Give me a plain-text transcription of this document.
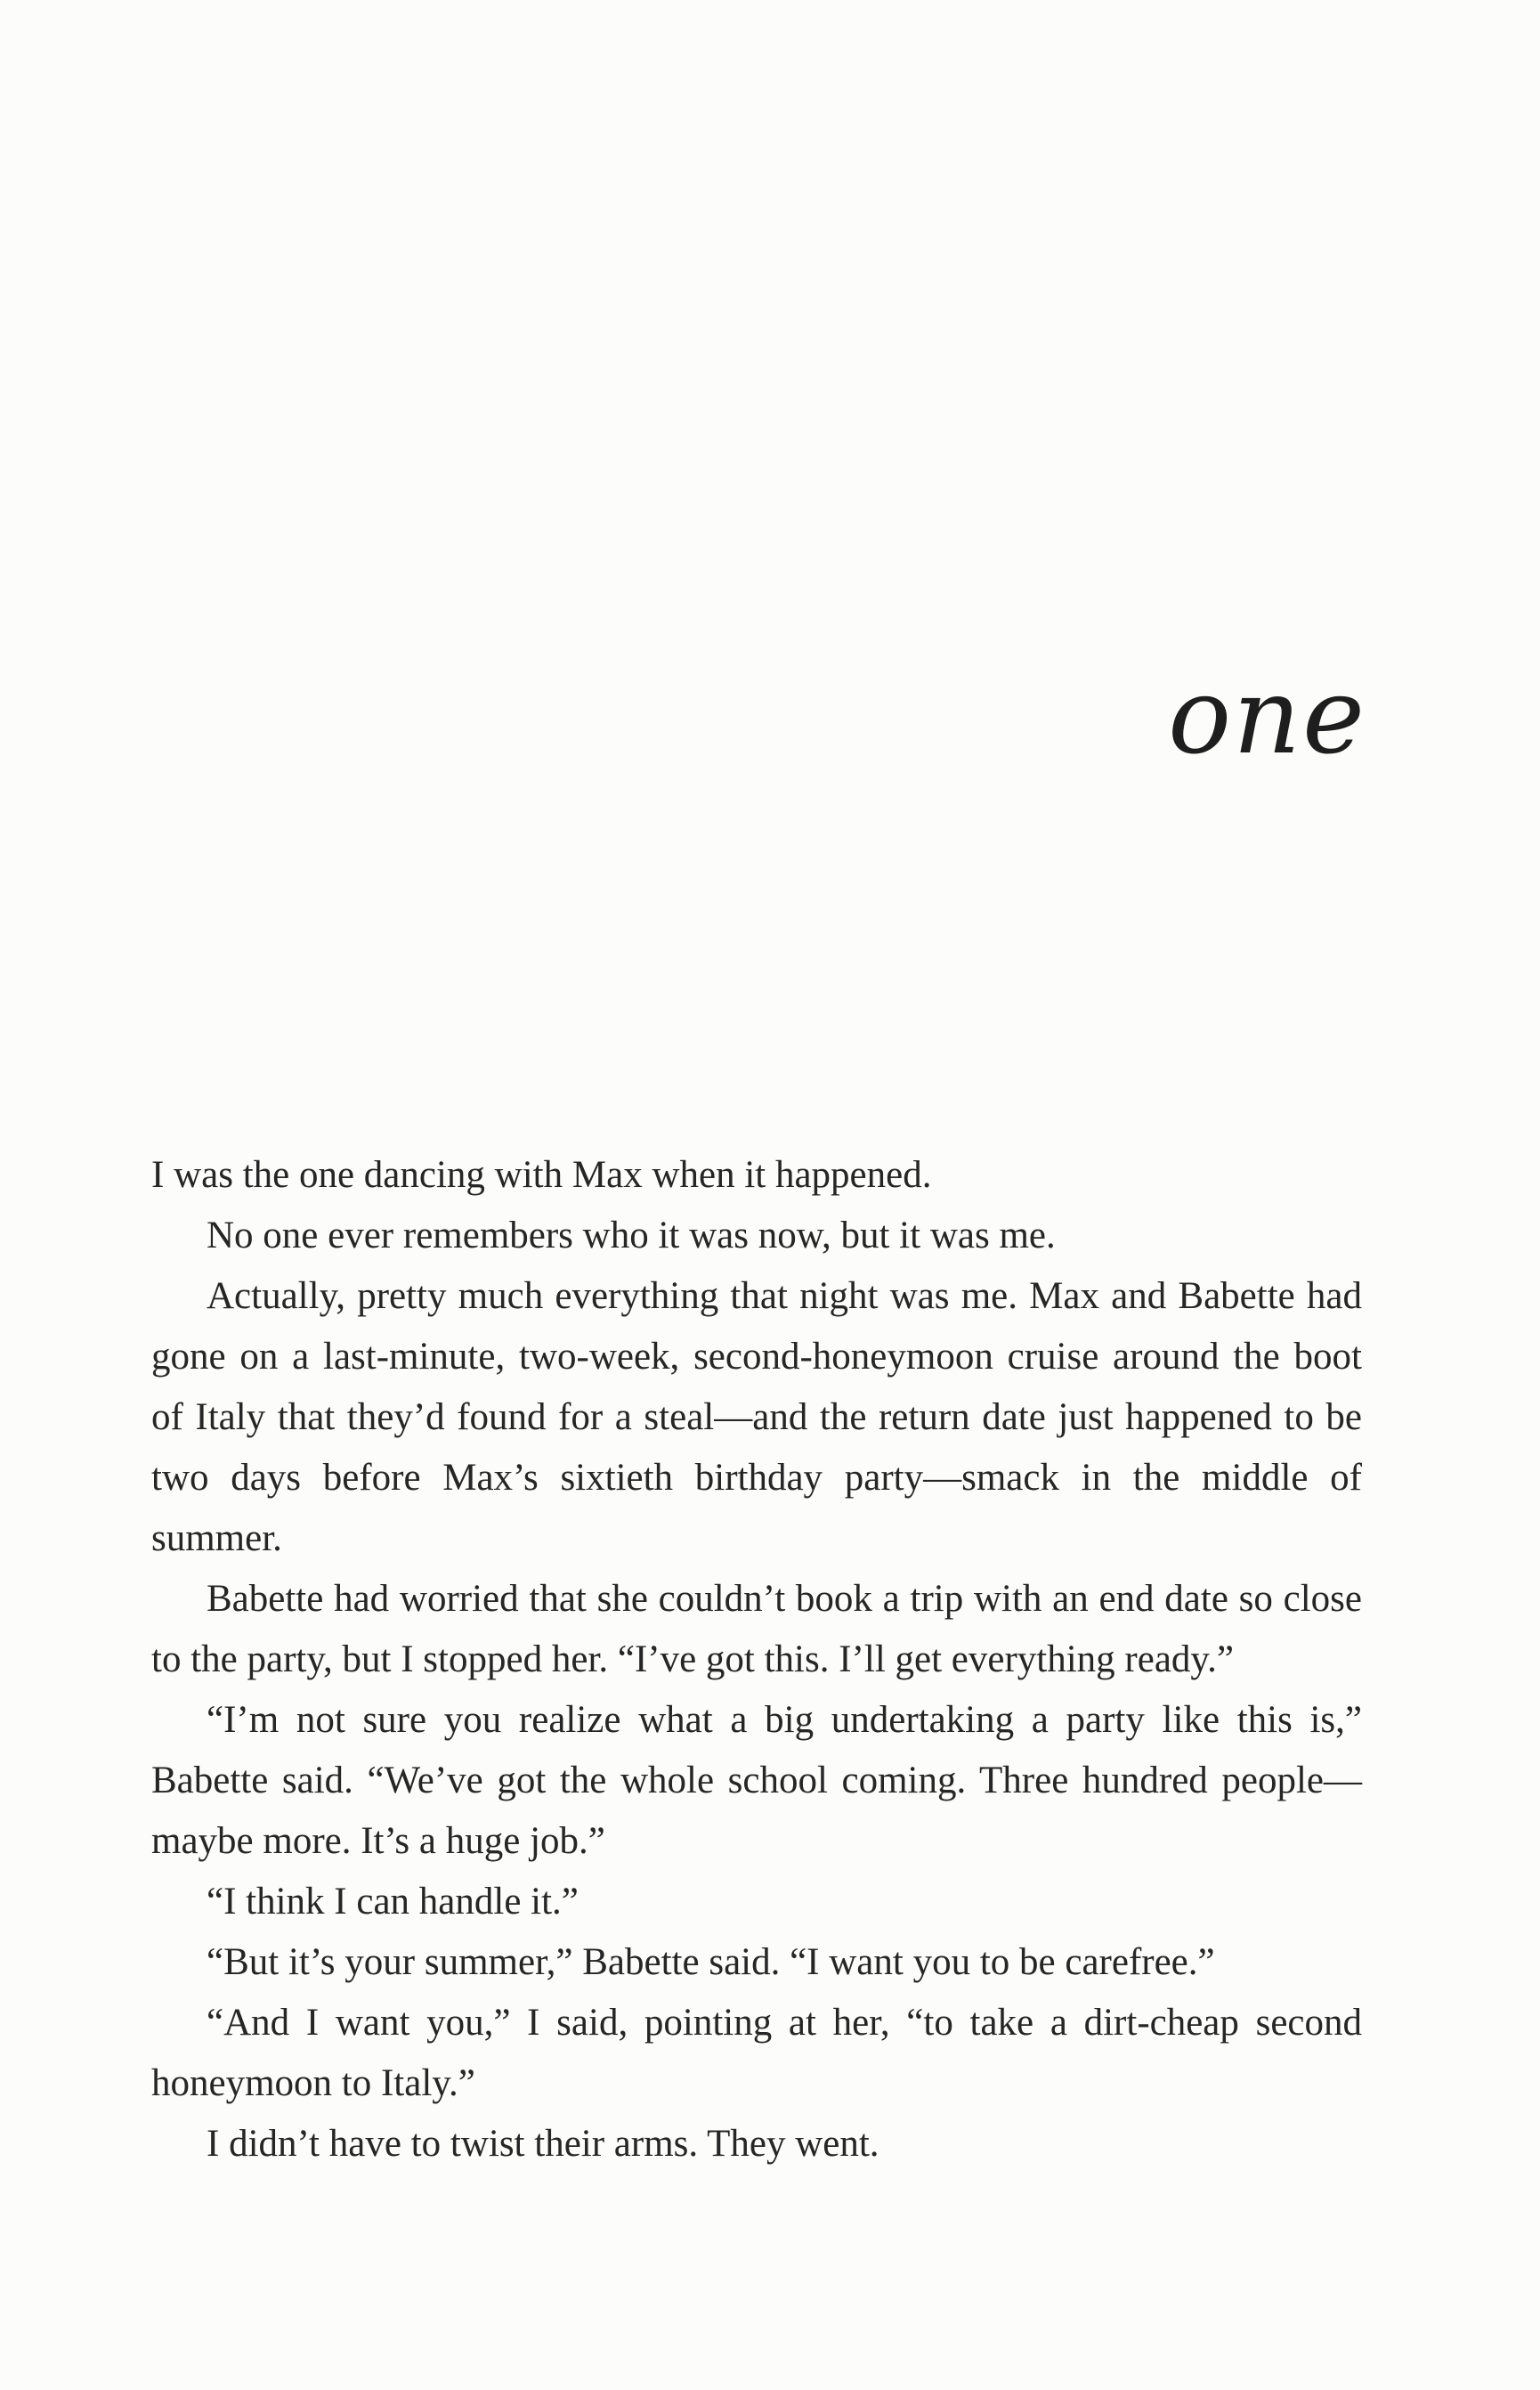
one

I was the one dancing with Max when it happened.

No one ever remembers who it was now, but it was me.

Actually, pretty much everything that night was me. Max and Babette had gone on a last-minute, two-week, second-honeymoon cruise around the boot of Italy that they’d found for a steal—and the return date just happened to be two days before Max’s sixtieth birthday party—smack in the middle of summer.

Babette had worried that she couldn’t book a trip with an end date so close to the party, but I stopped her. “I’ve got this. I’ll get everything ready.”

“I’m not sure you realize what a big undertaking a party like this is,” Babette said. “We’ve got the whole school coming. Three hundred people—maybe more. It’s a huge job.”

“I think I can handle it.”

“But it’s your summer,” Babette said. “I want you to be carefree.”

“And I want you,” I said, pointing at her, “to take a dirt-cheap second honeymoon to Italy.”

I didn’t have to twist their arms. They went.
